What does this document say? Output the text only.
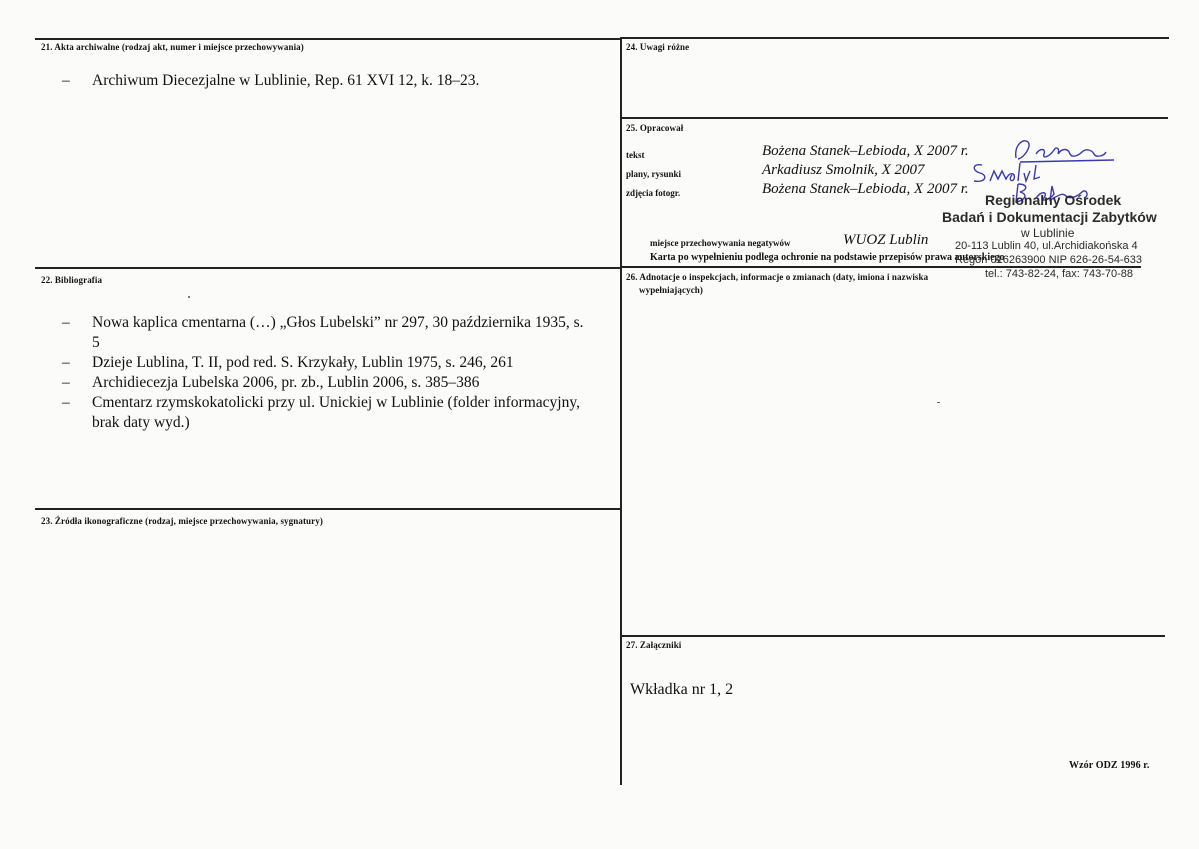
21. Akta archiwalne (rodzaj akt, numer i miejsce przechowywania)
– Archiwum Diecezjalne w Lublinie, Rep. 61 XVI 12, k. 18–23.
22. Bibliografia
– Nowa kaplica cmentarna (…) „Głos Lubelski” nr 297, 30 października 1935, s. 5
– Dzieje Lublina, T. II, pod red. S. Krzykały, Lublin 1975, s. 246, 261
– Archidiecezja Lubelska 2006, pr. zb., Lublin 2006, s. 385–386
– Cmentarz rzymskokatolicki przy ul. Unickiej w Lublinie (folder informacyjny, brak daty wyd.)
23. Źródła ikonograficzne (rodzaj, miejsce przechowywania, sygnatury)
24. Uwagi różne
25. Opracował
tekst	Bożena Stanek–Lebioda, X 2007 r.
plany, rysunki	Arkadiusz Smolnik, X 2007
zdjęcia fotogr.	Bożena Stanek–Lebioda, X 2007 r.
miejsce przechowywania negatywów	WUOZ Lublin
Karta po wypełnieniu podlega ochronie na podstawie przepisów prawa autorskiego
Regionalny Ośrodek
Badań i Dokumentacji Zabytków
w Lublinie
20-113 Lublin 40, ul.Archidiakońska 4
Regon 016263900 NIP 626-26-54-633
tel.: 743-82-24, fax: 743-70-88
26. Adnotacje o inspekcjach, informacje o zmianach (daty, imiona i nazwiska
wypełniających)
27. Załączniki
Wkładka nr 1, 2
Wzór ODZ 1996 r.
